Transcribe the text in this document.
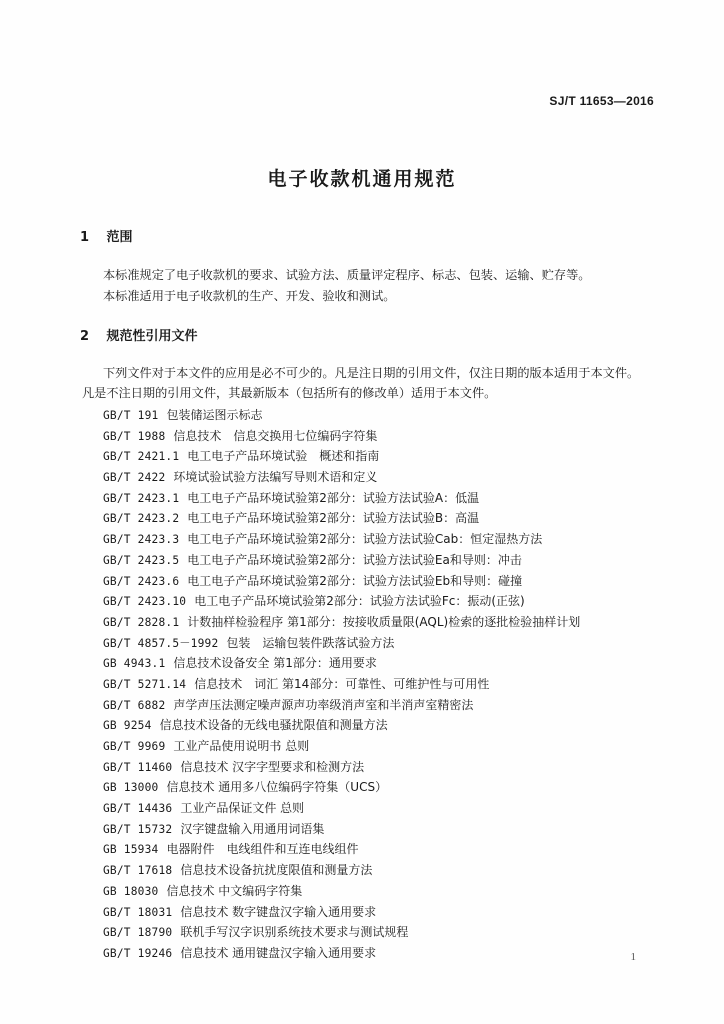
SJ/T 11653—2016
电子收款机通用规范
1 范围
本标准规定了电子收款机的要求、试验方法、质量评定程序、标志、包装、运输、贮存等。
本标准适用于电子收款机的生产、开发、验收和测试。
2 规范性引用文件
下列文件对于本文件的应用是必不可少的。凡是注日期的引用文件，仅注日期的版本适用于本文件。
凡是不注日期的引用文件，其最新版本（包括所有的修改单）适用于本文件。
GB/T 191 包装储运图示标志
GB/T 1988 信息技术　信息交换用七位编码字符集
GB/T 2421.1 电工电子产品环境试验　概述和指南
GB/T 2422 环境试验试验方法编写导则术语和定义
GB/T 2423.1 电工电子产品环境试验第2部分：试验方法试验A：低温
GB/T 2423.2 电工电子产品环境试验第2部分：试验方法试验B：高温
GB/T 2423.3 电工电子产品环境试验第2部分：试验方法试验Cab：恒定湿热方法
GB/T 2423.5 电工电子产品环境试验第2部分：试验方法试验Ea和导则：冲击
GB/T 2423.6 电工电子产品环境试验第2部分：试验方法试验Eb和导则：碰撞
GB/T 2423.10 电工电子产品环境试验第2部分：试验方法试验Fc：振动(正弦)
GB/T 2828.1 计数抽样检验程序 第1部分：按接收质量限(AQL)检索的逐批检验抽样计划
GB/T 4857.5－1992 包装　运输包装件跌落试验方法
GB 4943.1 信息技术设备安全 第1部分：通用要求
GB/T 5271.14 信息技术　词汇 第14部分：可靠性、可维护性与可用性
GB/T 6882 声学声压法测定噪声源声功率级消声室和半消声室精密法
GB 9254 信息技术设备的无线电骚扰限值和测量方法
GB/T 9969 工业产品使用说明书 总则
GB/T 11460 信息技术 汉字字型要求和检测方法
GB 13000 信息技术 通用多八位编码字符集（UCS）
GB/T 14436 工业产品保证文件 总则
GB/T 15732 汉字键盘输入用通用词语集
GB 15934 电器附件　电线组件和互连电线组件
GB/T 17618 信息技术设备抗扰度限值和测量方法
GB 18030 信息技术 中文编码字符集
GB/T 18031 信息技术 数字键盘汉字输入通用要求
GB/T 18790 联机手写汉字识别系统技术要求与测试规程
GB/T 19246 信息技术 通用键盘汉字输入通用要求	1
